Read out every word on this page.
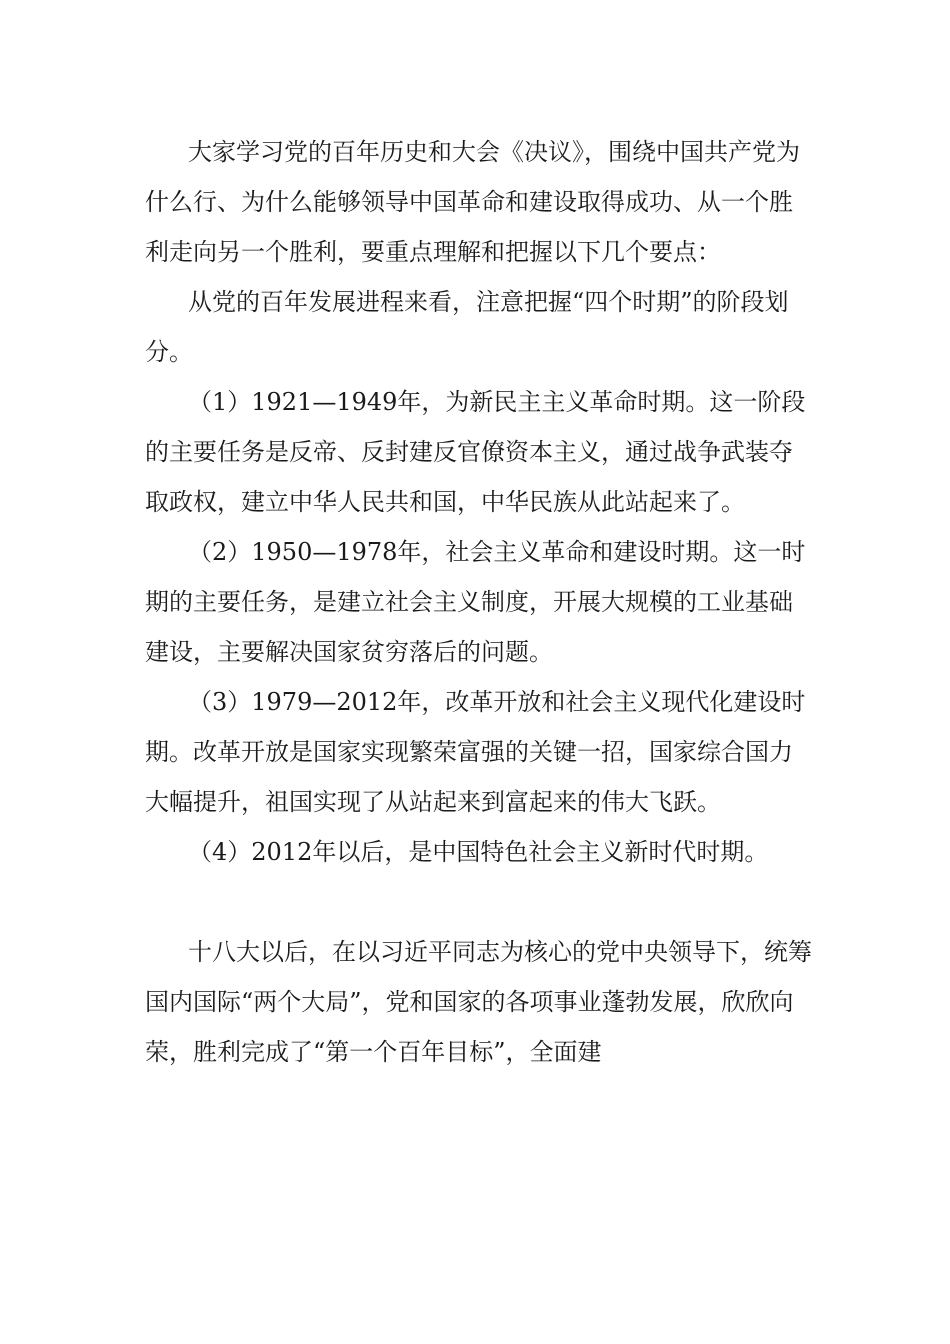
大家学习党的百年历史和大会《决议》，围绕中国共产党为什么行、为什么能够领导中国革命和建设取得成功、从一个胜利走向另一个胜利，要重点理解和把握以下几个要点：

从党的百年发展进程来看，注意把握“四个时期”的阶段划分。

（1）1921—1949年，为新民主主义革命时期。这一阶段的主要任务是反帝、反封建反官僚资本主义，通过战争武装夺取政权，建立中华人民共和国，中华民族从此站起来了。

（2）1950—1978年，社会主义革命和建设时期。这一时期的主要任务，是建立社会主义制度，开展大规模的工业基础建设，主要解决国家贫穷落后的问题。

（3）1979—2012年，改革开放和社会主义现代化建设时期。改革开放是国家实现繁荣富强的关键一招，国家综合国力大幅提升，祖国实现了从站起来到富起来的伟大飞跃。

（4）2012年以后，是中国特色社会主义新时代时期。

十八大以后，在以习近平同志为核心的党中央领导下，统筹国内国际“两个大局”，党和国家的各项事业蓬勃发展，欣欣向荣，胜利完成了“第一个百年目标”，全面建
